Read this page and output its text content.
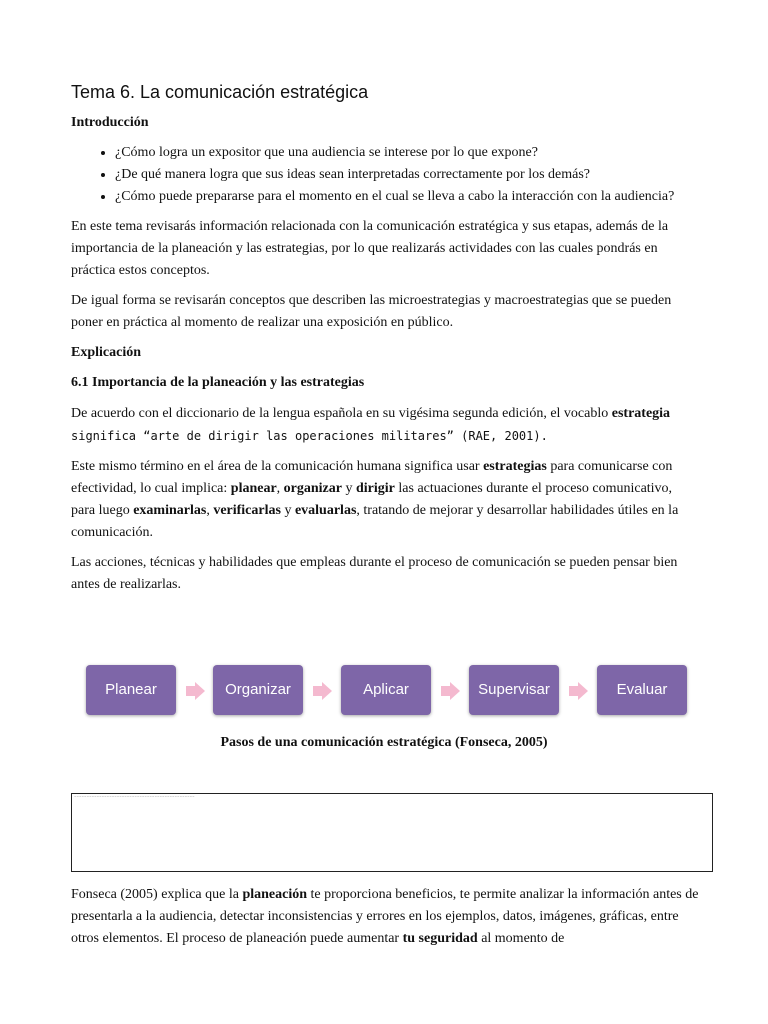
Tema 6. La comunicación estratégica
Introducción
• ¿Cómo logra un expositor que una audiencia se interese por lo que expone?
• ¿De qué manera logra que sus ideas sean interpretadas correctamente por los demás?
• ¿Cómo puede prepararse para el momento en el cual se lleva a cabo la interacción con la audiencia?

En este tema revisarás información relacionada con la comunicación estratégica y sus etapas, además de la importancia de la planeación y las estrategias, por lo que realizarás actividades con las cuales pondrás en práctica estos conceptos.

De igual forma se revisarán conceptos que describen las microestrategias y macroestrategias que se pueden poner en práctica al momento de realizar una exposición en público.

Explicación
6.1 Importancia de la planeación y las estrategias

De acuerdo con el diccionario de la lengua española en su vigésima segunda edición, el vocablo estrategia significa “arte de dirigir las operaciones militares” (RAE, 2001).

Este mismo término en el área de la comunicación humana significa usar estrategias para comunicarse con efectividad, lo cual implica: planear, organizar y dirigir las actuaciones durante el proceso comunicativo, para luego examinarlas, verificarlas y evaluarlas, tratando de mejorar y desarrollar habilidades útiles en la comunicación.

Las acciones, técnicas y habilidades que empleas durante el proceso de comunicación se pueden pensar bien antes de realizarlas.

Planear	Organizar	Aplicar	Supervisar	Evaluar
Pasos de una comunicación estratégica (Fonseca, 2005)
~~~~~~~~~~~~~~~~~~~~~~~~~~~~~~~~~~~~~~~~~~~~~~~~

Fonseca (2005) explica que la planeación te proporciona beneficios, te permite analizar la información antes de presentarla a la audiencia, detectar inconsistencias y errores en los ejemplos, datos, imágenes, gráficas, entre otros elementos. El proceso de planeación puede aumentar tu seguridad al momento de
